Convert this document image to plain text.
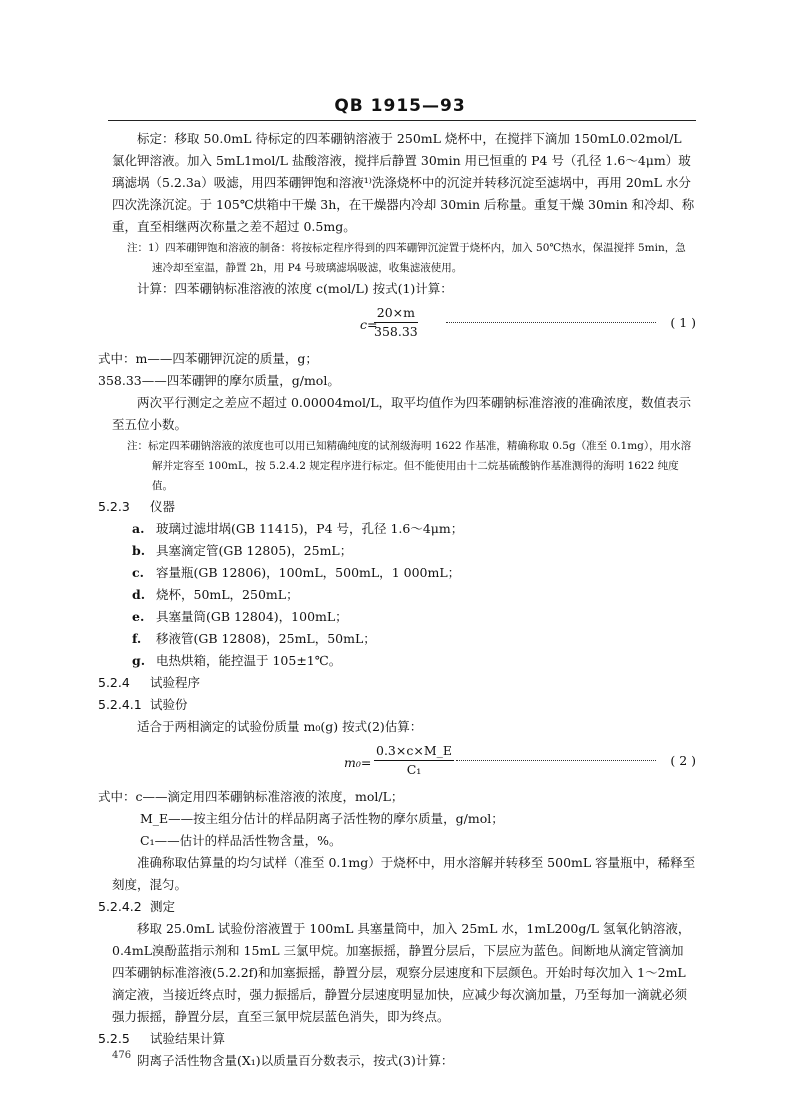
QB 1915—93

标定：移取 50.0mL 待标定的四苯硼钠溶液于 250mL 烧杯中，在搅拌下滴加 150mL0.02mol/L 氯化钾溶液。加入 5mL1mol/L 盐酸溶液，搅拌后静置 30min 用已恒重的 P4 号（孔径 1.6～4μm）玻璃滤埚（5.2.3a）吸滤，用四苯硼钾饱和溶液¹⁾洗涤烧杯中的沉淀并转移沉淀至滤埚中，再用 20mL 水分四次洗涤沉淀。于 105℃烘箱中干燥 3h，在干燥器内冷却 30min 后称量。重复干燥 30min 和冷却、称重，直至相继两次称量之差不超过 0.5mg。

注：1）四苯硼钾饱和溶液的制备：将按标定程序得到的四苯硼钾沉淀置于烧杯内，加入 50℃热水，保温搅拌 5min，急速冷却至室温，静置 2h，用 P4 号玻璃滤埚吸滤，收集滤液使用。

计算：四苯硼钠标准溶液的浓度 c(mol/L) 按式(1)计算：

c=
$\frac{20\times m}{358.33}$	( 1 )

式中：m——四苯硼钾沉淀的质量，g；

358.33——四苯硼钾的摩尔质量，g/mol。

两次平行测定之差应不超过 0.00004mol/L，取平均值作为四苯硼钠标准溶液的准确浓度，数值表示至五位小数。

注：标定四苯硼钠溶液的浓度也可以用已知精确纯度的试剂级海明 1622 作基准，精确称取 0.5g（准至 0.1mg），用水溶解并定容至 100mL，按 5.2.4.2 规定程序进行标定。但不能使用由十二烷基硫酸钠作基准测得的海明 1622 纯度值。

5.2.3 仪器

a. 玻璃过滤坩埚(GB 11415)，P4 号，孔径 1.6～4μm；

b. 具塞滴定管(GB 12805)，25mL；

c. 容量瓶(GB 12806)，100mL，500mL，1 000mL；

d. 烧杯，50mL，250mL；

e. 具塞量筒(GB 12804)，100mL；

f. 移液管(GB 12808)，25mL，50mL；

g. 电热烘箱，能控温于 105±1℃。

5.2.4 试验程序

5.2.4.1 试验份

适合于两相滴定的试验份质量 m₀(g) 按式(2)估算：

$m_0= \frac{0.3\times c\times M\_E}{\text{C₁}}$	( 2 )

式中：c——滴定用四苯硼钠标准溶液的浓度，mol/L；

M_E——按主组分估计的样品阴离子活性物的摩尔质量，g/mol；

C₁——估计的样品活性物含量，%。

准确称取估算量的均匀试样（准至 0.1mg）于烧杯中，用水溶解并转移至 500mL 容量瓶中，稀释至刻度，混匀。

5.2.4.2 测定

移取 25.0mL 试验份溶液置于 100mL 具塞量筒中，加入 25mL 水，1mL200g/L 氢氧化钠溶液，0.4mL溴酚蓝指示剂和 15mL 三氯甲烷。加塞振摇，静置分层后，下层应为蓝色。间断地从滴定管滴加四苯硼钠标准溶液(5.2.2f)和加塞振摇，静置分层，观察分层速度和下层颜色。开始时每次加入 1～2mL 滴定液，当接近终点时，强力振摇后，静置分层速度明显加快，应减少每次滴加量，乃至每加一滴就必须强力振摇，静置分层，直至三氯甲烷层蓝色消失，即为终点。

5.2.5 试验结果计算

阴离子活性物含量(X₁)以质量百分数表示，按式(3)计算：

476
